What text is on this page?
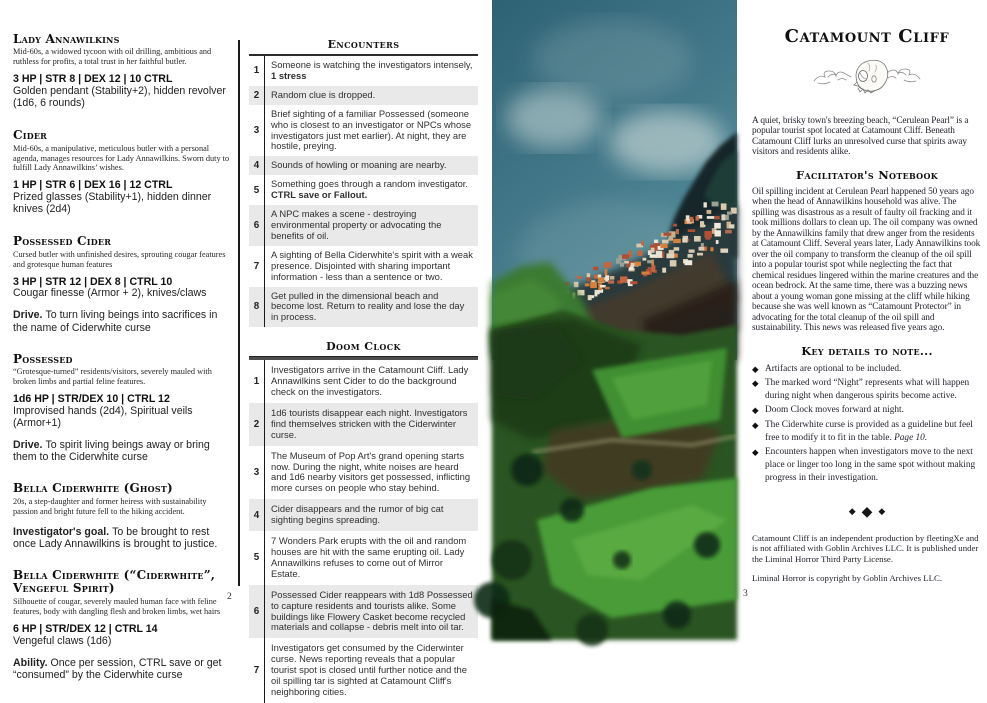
Lady Annawilkins
Mid-60s, a widowed tycoon with oil drilling, ambitious and ruthless for profits, a total trust in her faithful butler.
3 HP | STR 8 | DEX 12 | 10 CTRL
Golden pendant (Stability+2), hidden revolver (1d6, 6 rounds)
Cider
Mid-60s, a manipulative, meticulous butler with a personal agenda, manages resources for Lady Annawilkins. Sworn duty to fulfill Lady Annawilkins’ wishes.
1 HP | STR 6 | DEX 16 | 12 CTRL
Prized glasses (Stability+1), hidden dinner knives (2d4)
Possessed Cider
Cursed butler with unfinished desires, sprouting cougar features and grotesque human features
3 HP | STR 12 | DEX 8 | CTRL 10
Cougar finesse (Armor + 2), knives/claws
Drive. To turn living beings into sacrifices in the name of Ciderwhite curse
Possessed
“Grotesque-turned” residents/visitors, severely mauled with broken limbs and partial feline features.
1d6 HP | STR/DEX 10 | CTRL 12
Improvised hands (2d4), Spiritual veils (Armor+1)
Drive. To spirit living beings away or bring them to the Ciderwhite curse
Bella Ciderwhite (Ghost)
20s, a step-daughter and former heiress with sustainability passion and bright future fell to the hiking accident.
Investigator's goal. To be brought to rest once Lady Annawilkins is brought to justice.
Bella Ciderwhite (“Ciderwhite”, Vengeful Spirit)
Silhouette of cougar, severely mauled human face with feline features, body with dangling flesh and broken limbs, wet hairs
6 HP | STR/DEX 12 | CTRL 14
Vengeful claws (1d6)
Ability. Once per session, CTRL save or get “consumed” by the Ciderwhite curse
Encounters
1
Someone is watching the investigators intensely, 1 stress
2	Random clue is dropped.
3
Brief sighting of a familiar Possessed (someone who is closest to an investigator or NPCs whose investigators just met earlier). At night, they are hostile, preying.
4	Sounds of howling or moaning are nearby.
5
Something goes through a random investigator. CTRL save or Fallout.
6
A NPC makes a scene - destroying environmental property or advocating the benefits of oil.
7
A sighting of Bella Ciderwhite's spirit with a weak presence. Disjointed with sharing important information - less than a sentence or two.
8
Get pulled in the dimensional beach and become lost. Return to reality and lose the day in process.
Doom Clock
1
Investigators arrive in the Catamount Cliff. Lady Annawilkins sent Cider to do the background check on the investigators.
2
1d6 tourists disappear each night. Investigators find themselves stricken with the Ciderwinter curse.
3
The Museum of Pop Art's grand opening starts now. During the night, white noises are heard and 1d6 nearby visitors get possessed, inflicting more curses on people who stay behind.
4
Cider disappears and the rumor of big cat sighting begins spreading.
5
7 Wonders Park erupts with the oil and random houses are hit with the same erupting oil. Lady Annawilkins refuses to come out of Mirror Estate.
6
Possessed Cider reappears with 1d8 Possessed to capture residents and tourists alike. Some buildings like Flowery Casket become recycled materials and collapse - debris melt into oil tar.
7
Investigators get consumed by the Ciderwinter curse. News reporting reveals that a popular tourist spot is closed until further notice and the oil spilling tar is sighted at Catamount Cliff's neighboring cities.
2
Catamount Cliff
A quiet, brisky town's breezing beach, “Cerulean Pearl” is a popular tourist spot located at Catamount Cliff. Beneath Catamount Cliff lurks an unresolved curse that spirits away visitors and residents alike.
Facilitator's Notebook
Oil spilling incident at Cerulean Pearl happened 50 years ago when the head of Annawilkins household was alive. The spilling was disastrous as a result of faulty oil fracking and it took millions dollars to clean up. The oil company was owned by the Annawilkins family that drew anger from the residents at Catamount Cliff. Several years later, Lady Annawilkins took over the oil company to transform the cleanup of the oil spill into a popular tourist spot while neglecting the fact that chemical residues lingered within the marine creatures and the ocean bedrock. At the same time, there was a buzzing news about a young woman gone missing at the cliff while hiking because she was well known as “Catamount Protector” in advocating for the total cleanup of the oil spill and sustainability. This news was released five years ago.
Key details to note...
◆ Artifacts are optional to be included.
◆ The marked word “Night” represents what will happen during night when dangerous spirits become active.
◆ Doom Clock moves forward at night.
◆ The Ciderwhite curse is provided as a guideline but feel free to modify it to fit in the table. Page 10.
◆ Encounters happen when investigators move to the next place or linger too long in the same spot without making progress in their investigation.
◆ ◆ ◆
Catamount Cliff is an independent production by fleetingXe and is not affiliated with Goblin Archives LLC. It is published under the Liminal Horror Third Party License.
Liminal Horror is copyright by Goblin Archives LLC.
3
